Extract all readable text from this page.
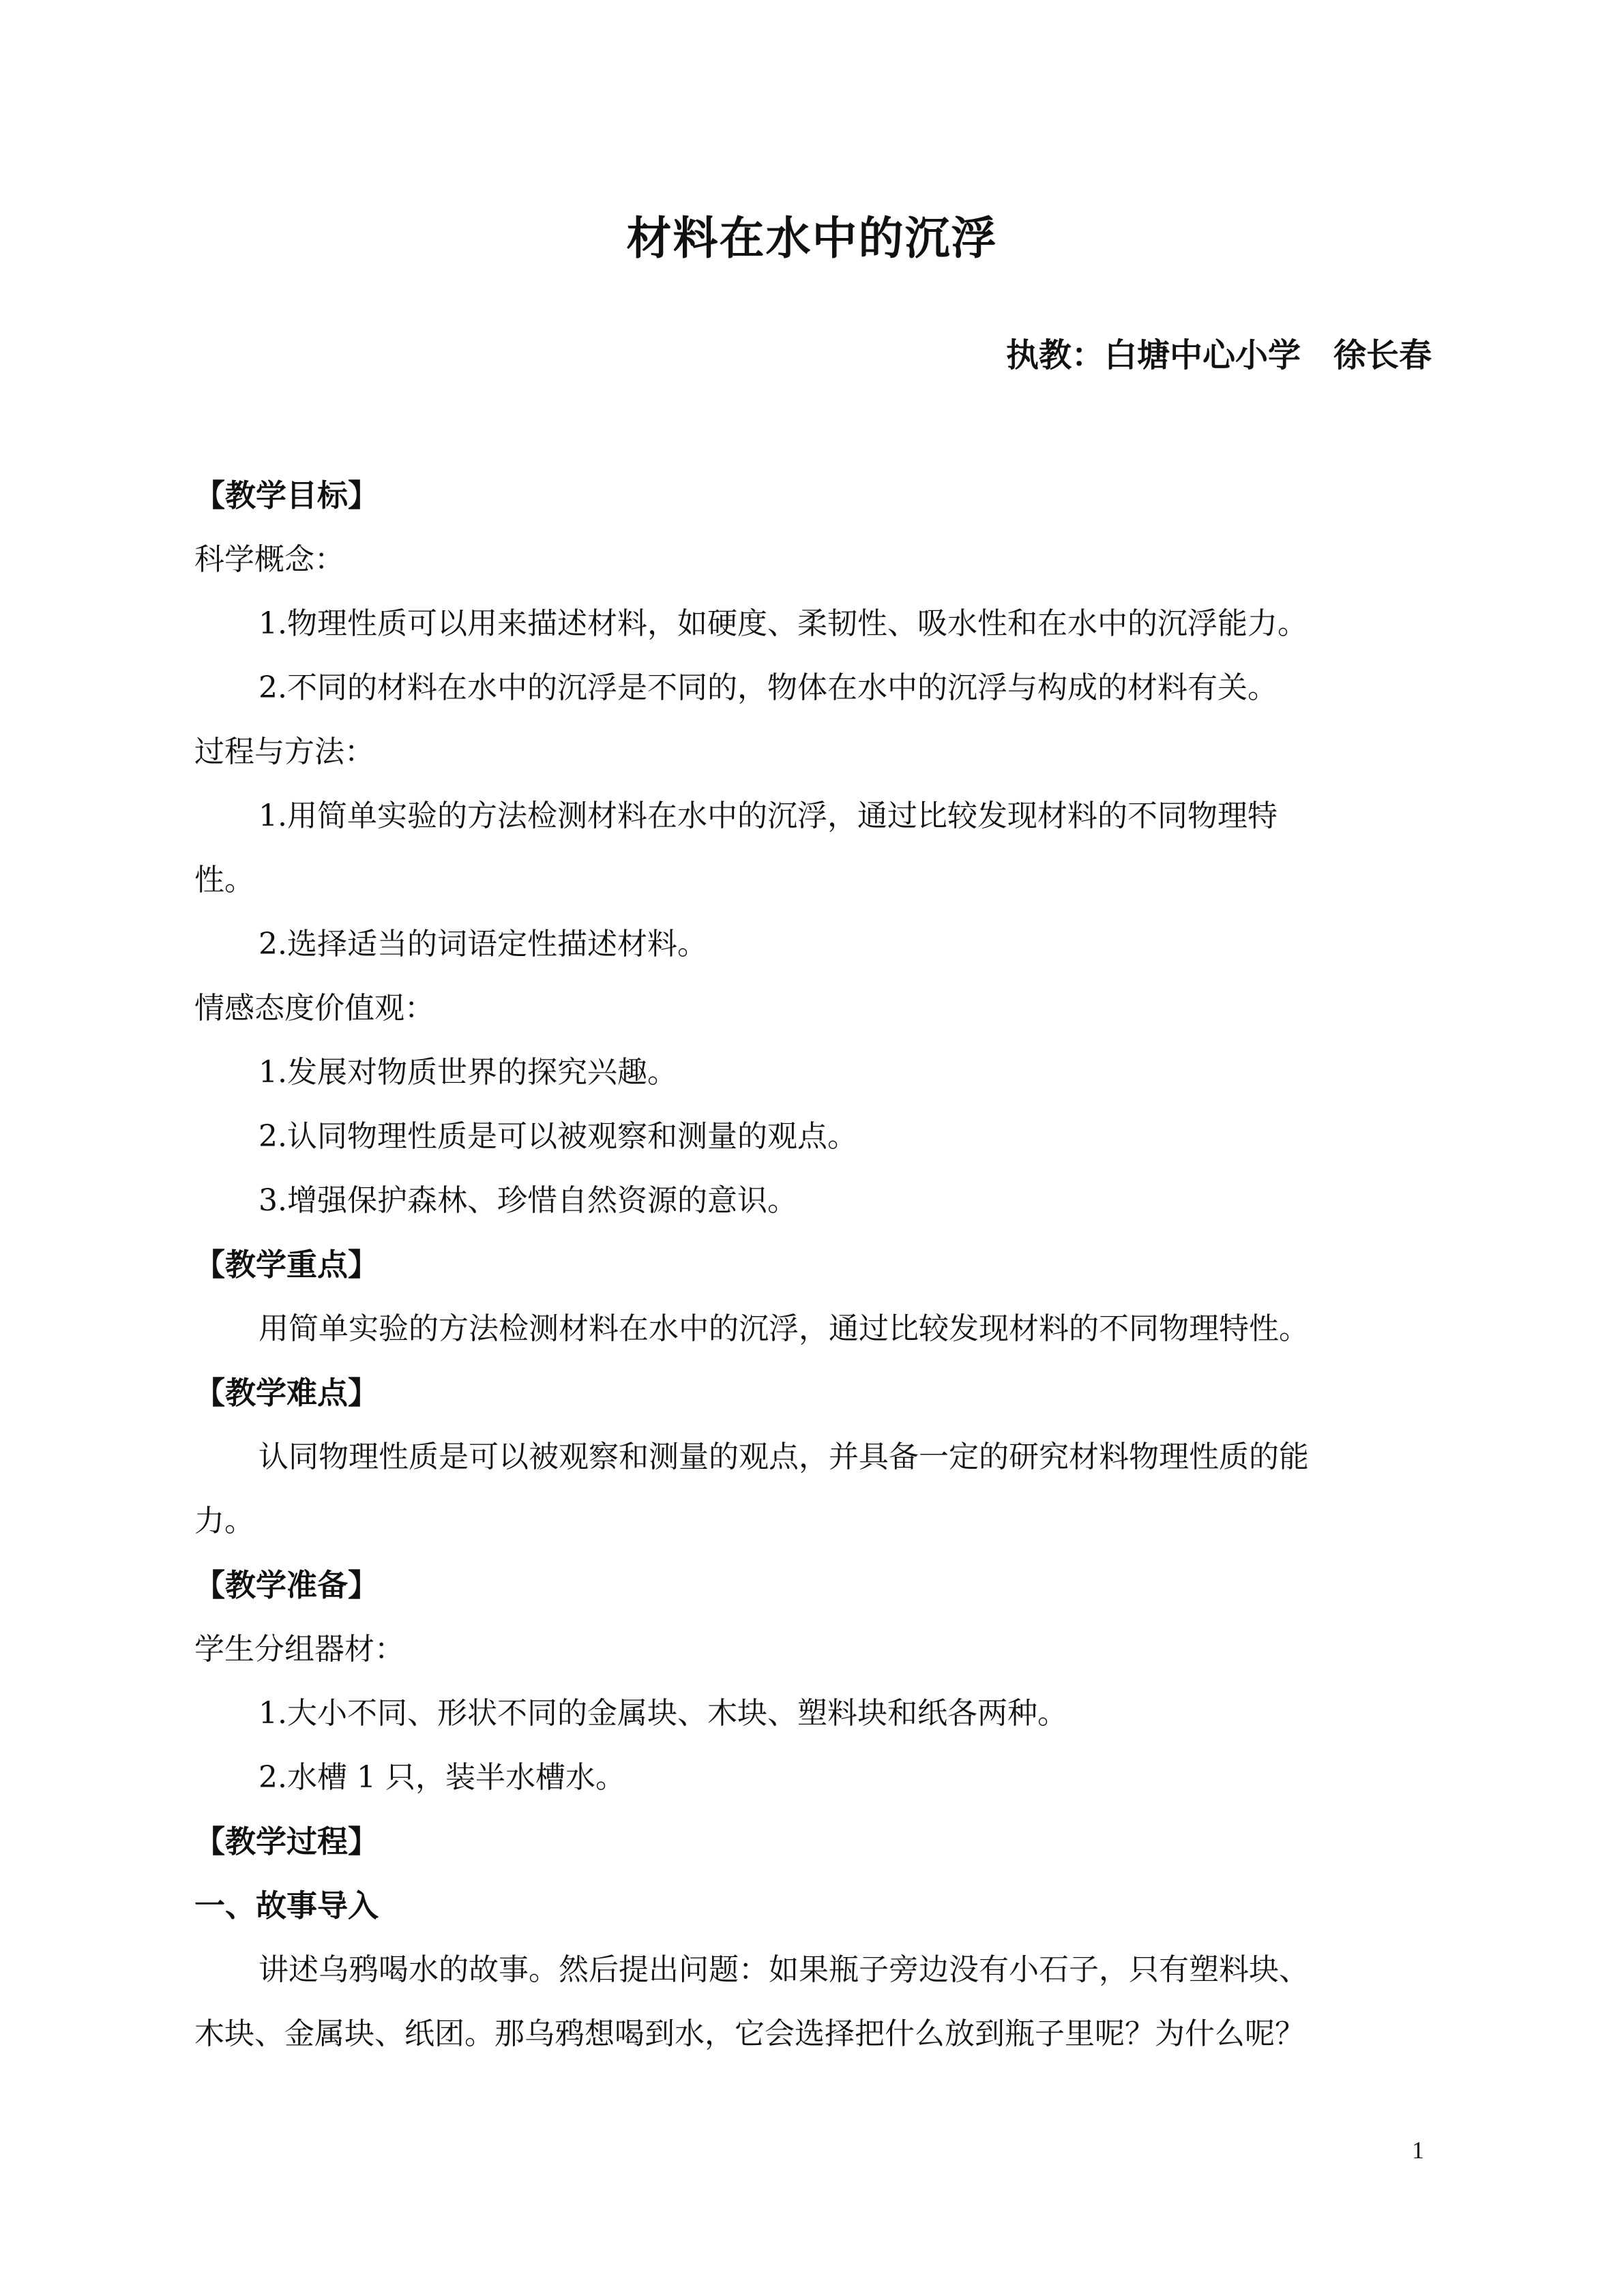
材料在水中的沉浮
执教：白塘中心小学　徐长春
【教学目标】
科学概念：
1.物理性质可以用来描述材料，如硬度、柔韧性、吸水性和在水中的沉浮能力。
2.不同的材料在水中的沉浮是不同的，物体在水中的沉浮与构成的材料有关。
过程与方法：
1.用简单实验的方法检测材料在水中的沉浮，通过比较发现材料的不同物理特
性。
2.选择适当的词语定性描述材料。
情感态度价值观：
1.发展对物质世界的探究兴趣。
2.认同物理性质是可以被观察和测量的观点。
3.增强保护森林、珍惜自然资源的意识。
【教学重点】
用简单实验的方法检测材料在水中的沉浮，通过比较发现材料的不同物理特性。
【教学难点】
认同物理性质是可以被观察和测量的观点，并具备一定的研究材料物理性质的能
力。
【教学准备】
学生分组器材：
1.大小不同、形状不同的金属块、木块、塑料块和纸各两种。
2.水槽 1 只，装半水槽水。
【教学过程】
一、故事导入
讲述乌鸦喝水的故事。然后提出问题：如果瓶子旁边没有小石子，只有塑料块、
木块、金属块、纸团。那乌鸦想喝到水，它会选择把什么放到瓶子里呢？为什么呢？
1
